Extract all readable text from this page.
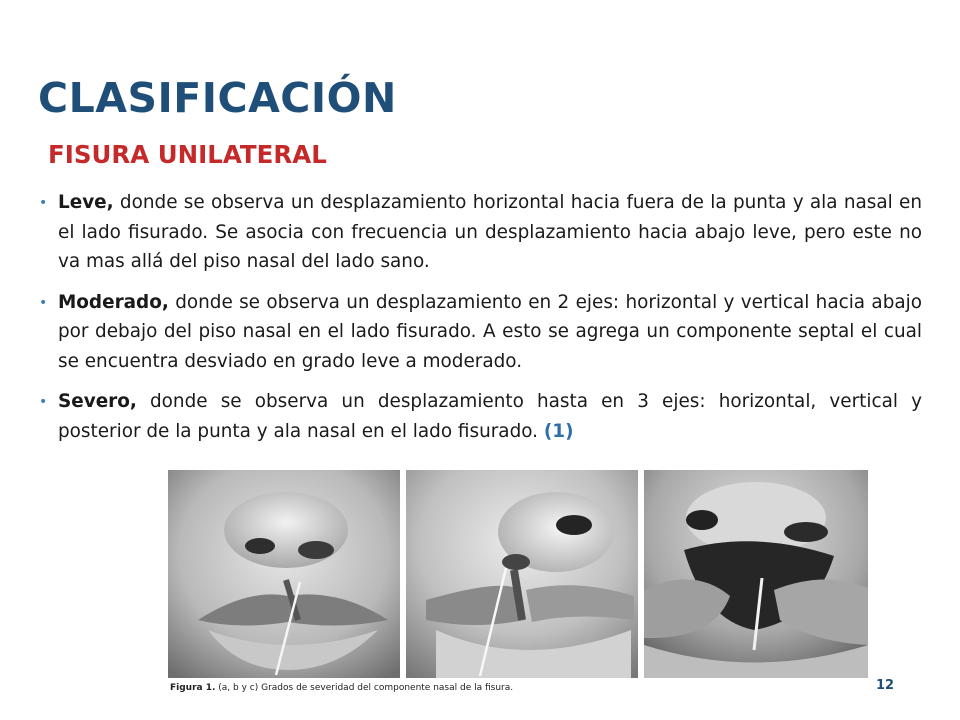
CLASIFICACIÓN
FISURA UNILATERAL
• Leve, donde se observa un desplazamiento horizontal hacia fuera de la punta y ala nasal en el lado fisurado. Se asocia con frecuencia un desplazamiento hacia abajo leve, pero este no va mas allá del piso nasal del lado sano.
• Moderado, donde se observa un desplazamiento en 2 ejes: horizontal y vertical hacia abajo por debajo del piso nasal en el lado fisurado. A esto se agrega un componente septal el cual se encuentra desviado en grado leve a moderado.
• Severo, donde se observa un desplazamiento hasta en 3 ejes: horizontal, vertical y posterior de la punta y ala nasal en el lado fisurado. (1)
Figura 1. (a, b y c) Grados de severidad del componente nasal de la fisura.	12
